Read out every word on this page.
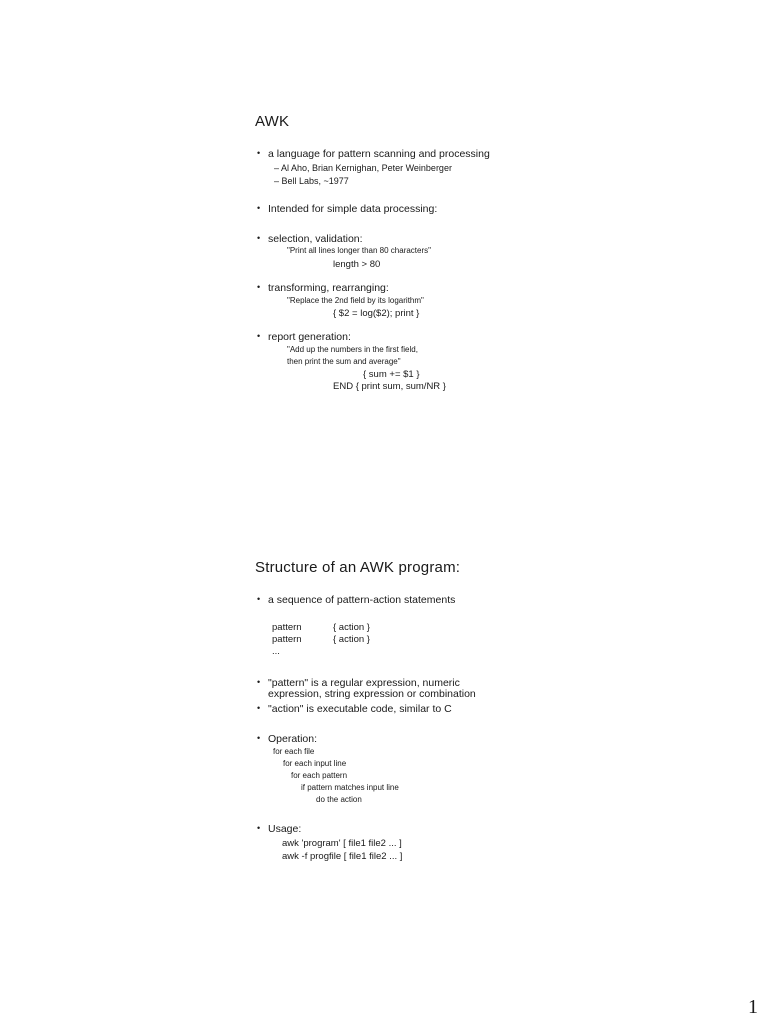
AWK
• a language for pattern scanning and processing
– Al Aho, Brian Kernighan, Peter Weinberger
– Bell Labs, ~1977
• Intended for simple data processing:
• selection, validation:
"Print all lines longer than 80 characters"
length > 80
• transforming, rearranging:
"Replace the 2nd field by its logarithm"
{ $2 = log($2); print }
• report generation:
"Add up the numbers in the first field,
then print the sum and average"
{ sum += $1 }
END { print sum, sum/NR }
Structure of an AWK program:
• a sequence of pattern-action statements
pattern	{ action }
pattern	{ action }
...
• "pattern" is a regular expression, numeric
expression, string expression or combination
• "action" is executable code, similar to C
• Operation:
for each file
for each input line
for each pattern
if pattern matches input line
do the action
• Usage:
awk 'program' [ file1 file2 ... ]
awk -f progfile [ file1 file2 ... ]
1
